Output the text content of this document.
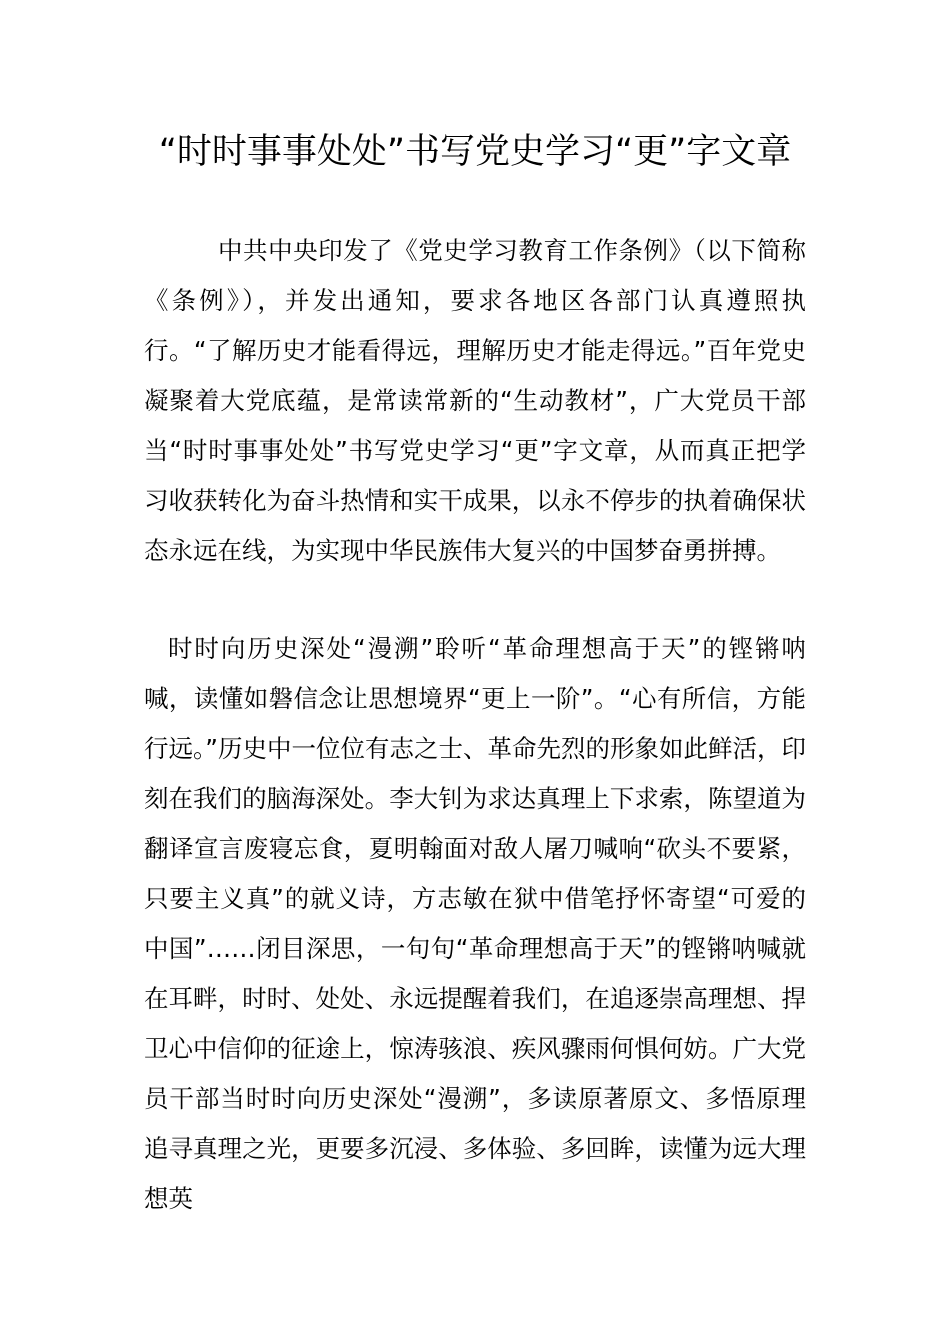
“时时事事处处”书写党史学习“更”字文章

中共中央印发了《党史学习教育工作条例》（以下简称《条例》），并发出通知，要求各地区各部门认真遵照执行。“了解历史才能看得远，理解历史才能走得远。”百年党史凝聚着大党底蕴，是常读常新的“生动教材”，广大党员干部当“时时事事处处”书写党史学习“更”字文章，从而真正把学习收获转化为奋斗热情和实干成果，以永不停步的执着确保状态永远在线，为实现中华民族伟大复兴的中国梦奋勇拼搏。

时时向历史深处“漫溯”聆听“革命理想高于天”的铿锵呐喊，读懂如磐信念让思想境界“更上一阶”。“心有所信，方能行远。”历史中一位位有志之士、革命先烈的形象如此鲜活，印刻在我们的脑海深处。李大钊为求达真理上下求索，陈望道为翻译宣言废寝忘食，夏明翰面对敌人屠刀喊响“砍头不要紧，只要主义真”的就义诗，方志敏在狱中借笔抒怀寄望“可爱的中国”……闭目深思，一句句“革命理想高于天”的铿锵呐喊就在耳畔，时时、处处、永远提醒着我们，在追逐崇高理想、捍卫心中信仰的征途上，惊涛骇浪、疾风骤雨何惧何妨。广大党员干部当时时向历史深处“漫溯”，多读原著原文、多悟原理追寻真理之光，更要多沉浸、多体验、多回眸，读懂为远大理想英
